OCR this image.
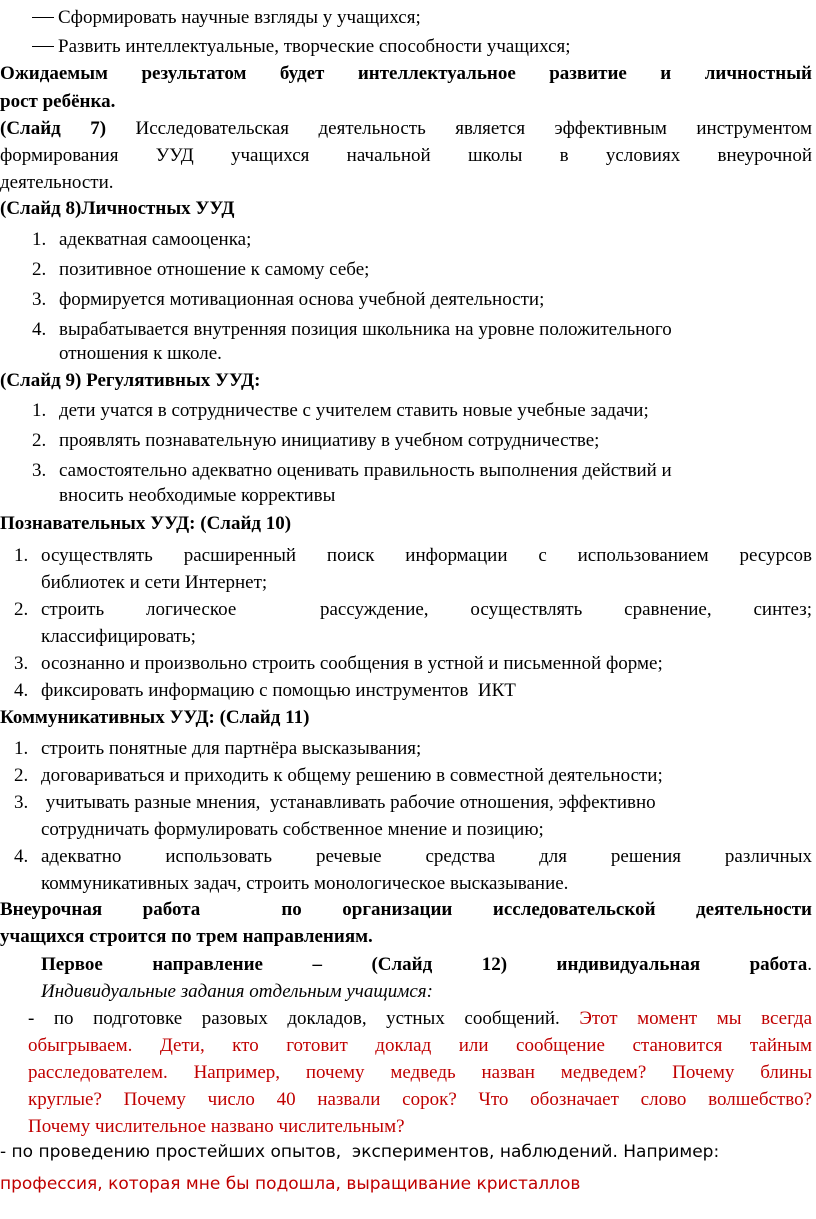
Сформировать научные взгляды у учащихся;
Развить интеллектуальные, творческие способности учащихся;
Ожидаемым результатом будет интеллектуальное развитие и личностный
рост ребёнка.
(Слайд 7) Исследовательская деятельность является эффективным инструментом
формирования УУД учащихся начальной школы в условиях внеурочной
деятельности.
(Слайд 8)Личностных УУД
1. адекватная самооценка;
2. позитивное отношение к самому себе;
3. формируется мотивационная основа учебной деятельности;
4. вырабатывается внутренняя позиция школьника на уровне положительного
отношения к школе.
(Слайд 9) Регулятивных УУД:
1. дети учатся в сотрудничестве с учителем ставить новые учебные задачи;
2. проявлять познавательную инициативу в учебном сотрудничестве;
3. самостоятельно адекватно оценивать правильность выполнения действий и
вносить необходимые коррективы
Познавательных УУД: (Слайд 10)
1. осуществлять расширенный поиск информации с использованием ресурсов
библиотек и сети Интернет;
2. строить логическое  рассуждение, осуществлять сравнение, синтез;
классифицировать;
3. осознанно и произвольно строить сообщения в устной и письменной форме;
4. фиксировать информацию с помощью инструментов  ИКТ
Коммуникативных УУД: (Слайд 11)
1. строить понятные для партнёра высказывания;
2. договариваться и приходить к общему решению в совместной деятельности;
3. учитывать разные мнения,  устанавливать рабочие отношения, эффективно
сотрудничать формулировать собственное мнение и позицию;
4. адекватно использовать речевые средства для решения различных
коммуникативных задач, строить монологическое высказывание.
Внеурочная работа  по организации исследовательской деятельности
учащихся строится по трем направлениям.
Первое направление – (Слайд 12) индивидуальная работа.
Индивидуальные задания отдельным учащимся:
- по подготовке разовых докладов, устных сообщений. Этот момент мы всегда
обыгрываем. Дети, кто готовит доклад или сообщение становится тайным
расследователем. Например, почему медведь назван медведем? Почему блины
круглые? Почему число 40 назвали сорок? Что обозначает слово волшебство?
Почему числительное названо числительным?
- по проведению простейших опытов,  экспериментов, наблюдений. Например:
профессия, которая мне бы подошла, выращивание кристаллов
